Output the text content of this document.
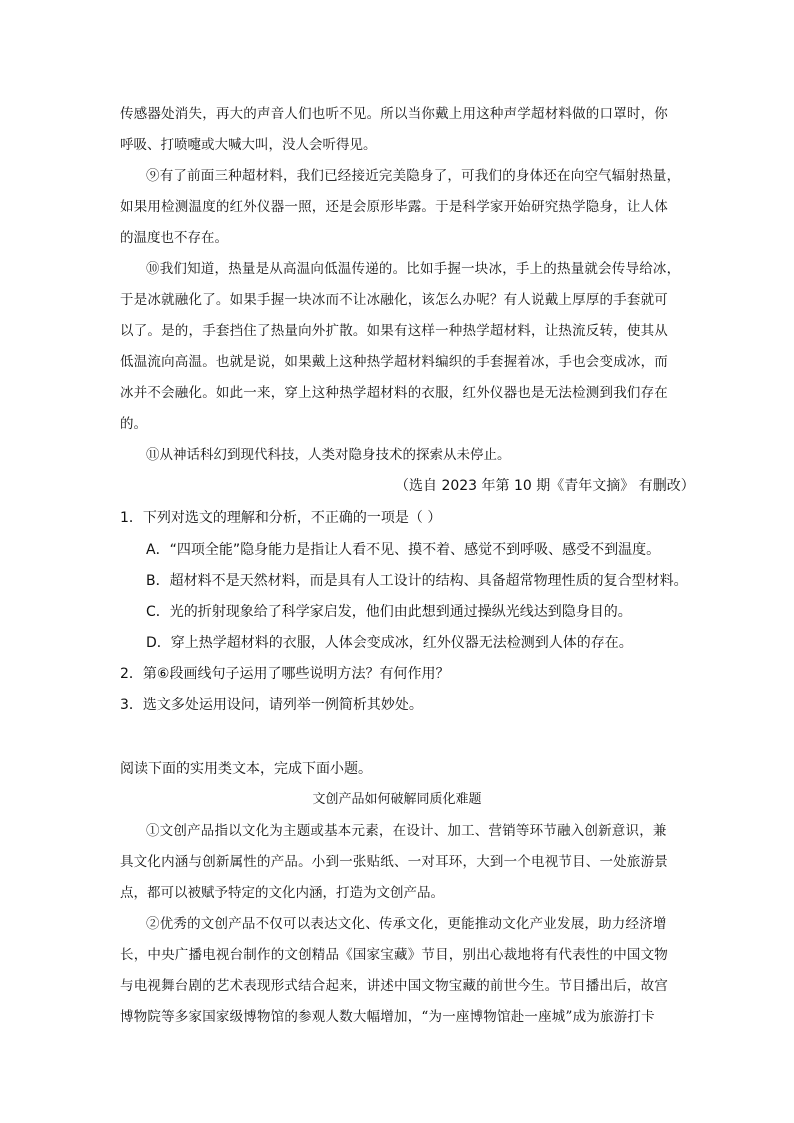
传感器处消失，再大的声音人们也听不见。所以当你戴上用这种声学超材料做的口罩时，你
呼吸、打喷嚏或大喊大叫，没人会听得见。
⑨有了前面三种超材料，我们已经接近完美隐身了，可我们的身体还在向空气辐射热量，
如果用检测温度的红外仪器一照，还是会原形毕露。于是科学家开始研究热学隐身，让人体
的温度也不存在。
⑩我们知道，热量是从高温向低温传递的。比如手握一块冰，手上的热量就会传导给冰，
于是冰就融化了。如果手握一块冰而不让冰融化，该怎么办呢？有人说戴上厚厚的手套就可
以了。是的，手套挡住了热量向外扩散。如果有这样一种热学超材料，让热流反转，使其从
低温流向高温。也就是说，如果戴上这种热学超材料编织的手套握着冰，手也会变成冰，而
冰并不会融化。如此一来，穿上这种热学超材料的衣服，红外仪器也是无法检测到我们存在
的。
⑪从神话科幻到现代科技，人类对隐身技术的探索从未停止。
（选自 2023 年第 10 期《青年文摘》 有删改）
1．下列对选文的理解和分析，不正确的一项是（ ）
A．“四项全能”隐身能力是指让人看不见、摸不着、感觉不到呼吸、感受不到温度。
B．超材料不是天然材料，而是具有人工设计的结构、具备超常物理性质的复合型材料。
C．光的折射现象给了科学家启发，他们由此想到通过操纵光线达到隐身目的。
D．穿上热学超材料的衣服，人体会变成冰，红外仪器无法检测到人体的存在。
2．第⑥段画线句子运用了哪些说明方法？有何作用？
3．选文多处运用设问，请列举一例简析其妙处。
阅读下面的实用类文本，完成下面小题。
文创产品如何破解同质化难题
①文创产品指以文化为主题或基本元素，在设计、加工、营销等环节融入创新意识，兼
具文化内涵与创新属性的产品。小到一张贴纸、一对耳环，大到一个电视节目、一处旅游景
点，都可以被赋予特定的文化内涵，打造为文创产品。
②优秀的文创产品不仅可以表达文化、传承文化，更能推动文化产业发展，助力经济增
长，中央广播电视台制作的文创精品《国家宝藏》节目，别出心裁地将有代表性的中国文物
与电视舞台剧的艺术表现形式结合起来，讲述中国文物宝藏的前世今生。节目播出后，故宫
博物院等多家国家级博物馆的参观人数大幅增加，“为一座博物馆赴一座城”成为旅游打卡
